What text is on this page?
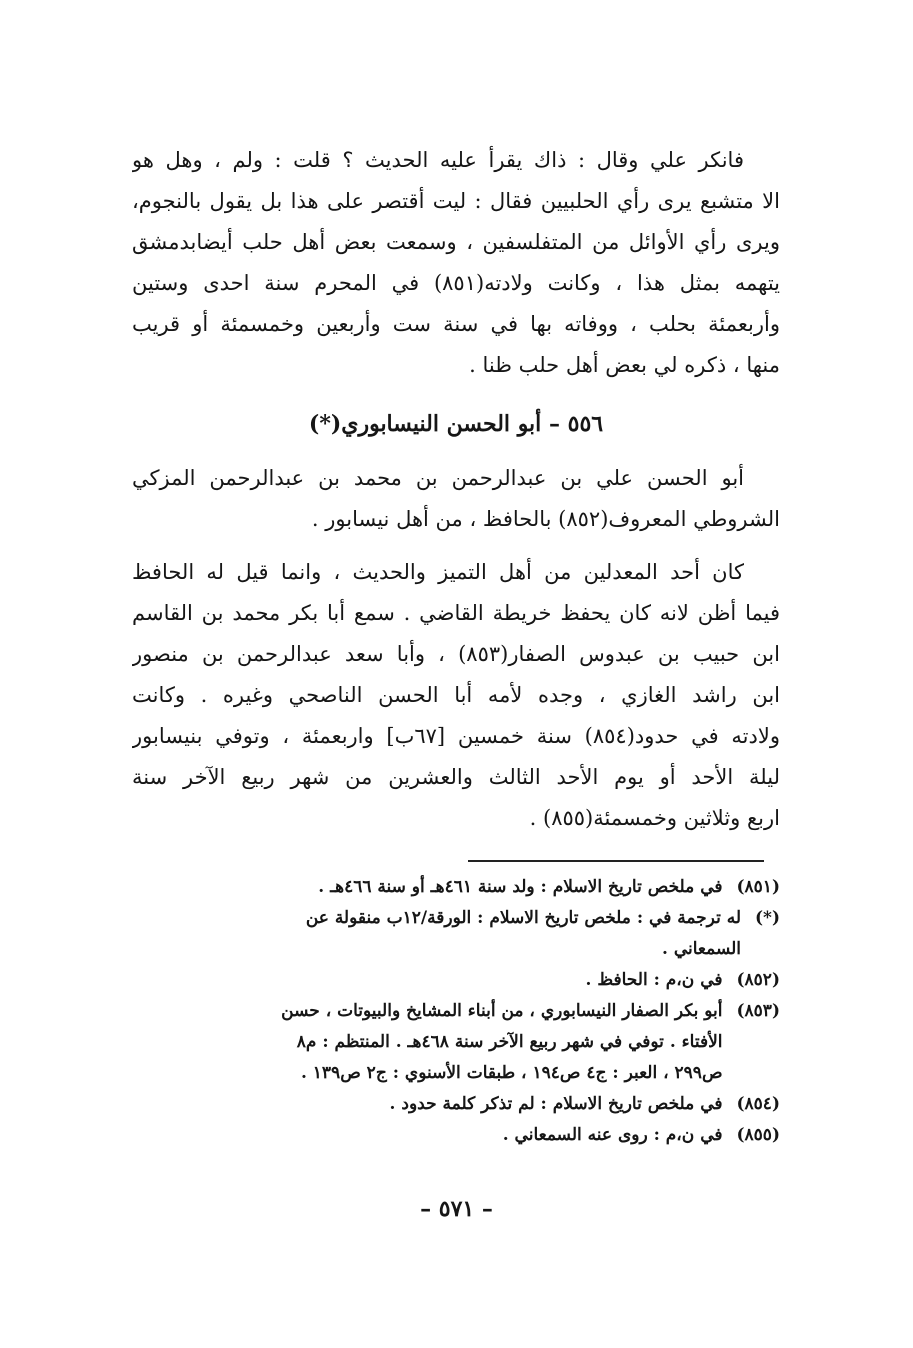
فانكر علي وقال : ذاك يقرأ عليه الحديث ؟ قلت : ولم ، وهل هو
الا متشبع يرى رأي الحلبيين فقال : ليت أقتصر على هذا بل يقول بالنجوم،
ويرى رأي الأوائل من المتفلسفين ، وسمعت بعض أهل حلب أيضابدمشق
يتهمه بمثل هذا ، وكانت ولادته(٨٥١) في المحرم سنة احدى وستين
وأربعمئة بحلب ، ووفاته بها في سنة ست وأربعين وخمسمئة أو قريب
منها ، ذكره لي بعض أهل حلب ظنا .
٥٥٦ – أبو الحسن النيسابوري(*)
أبو الحسن علي بن عبدالرحمن بن محمد بن عبدالرحمن المزكي
الشروطي المعروف(٨٥٢) بالحافظ ، من أهل نيسابور .
كان أحد المعدلين من أهل التميز والحديث ، وانما قيل له الحافظ
فيما أظن لانه كان يحفظ خريطة القاضي . سمع أبا بكر محمد بن القاسم
ابن حبيب بن عبدوس الصفار(٨٥٣) ، وأبا سعد عبدالرحمن بن منصور
ابن راشد الغازي ، وجده لأمه أبا الحسن الناصحي وغيره . وكانت
ولادته في حدود(٨٥٤) سنة خمسين [٦٧ب] واربعمئة ، وتوفي بنيسابور
ليلة الأحد أو يوم الأحد الثالث والعشرين من شهر ربيع الآخر سنة
اربع وثلاثين وخمسمئة(٨٥٥) .
(٨٥١)
في ملخص تاريخ الاسلام : ولد سنة ٤٦١هـ أو سنة ٤٦٦هـ .
(*)
له ترجمة في : ملخص تاريخ الاسلام : الورقة/١٢ب منقولة عن
السمعاني .
(٨٥٢)
في ن،م : الحافظ .
(٨٥٣)
أبو بكر الصفار النيسابوري ، من أبناء المشايخ والبيوتات ، حسن
الأفتاء . توفي في شهر ربيع الآخر سنة ٤٦٨هـ . المنتظم : م٨
ص٢٩٩ ، العبر : ج٤ ص١٩٤ ، طبقات الأسنوي : ج٢ ص١٣٩ .
(٨٥٤)
في ملخص تاريخ الاسلام : لم تذكر كلمة حدود .
(٨٥٥)
في ن،م : روى عنه السمعاني .
– ٥٧١ –
